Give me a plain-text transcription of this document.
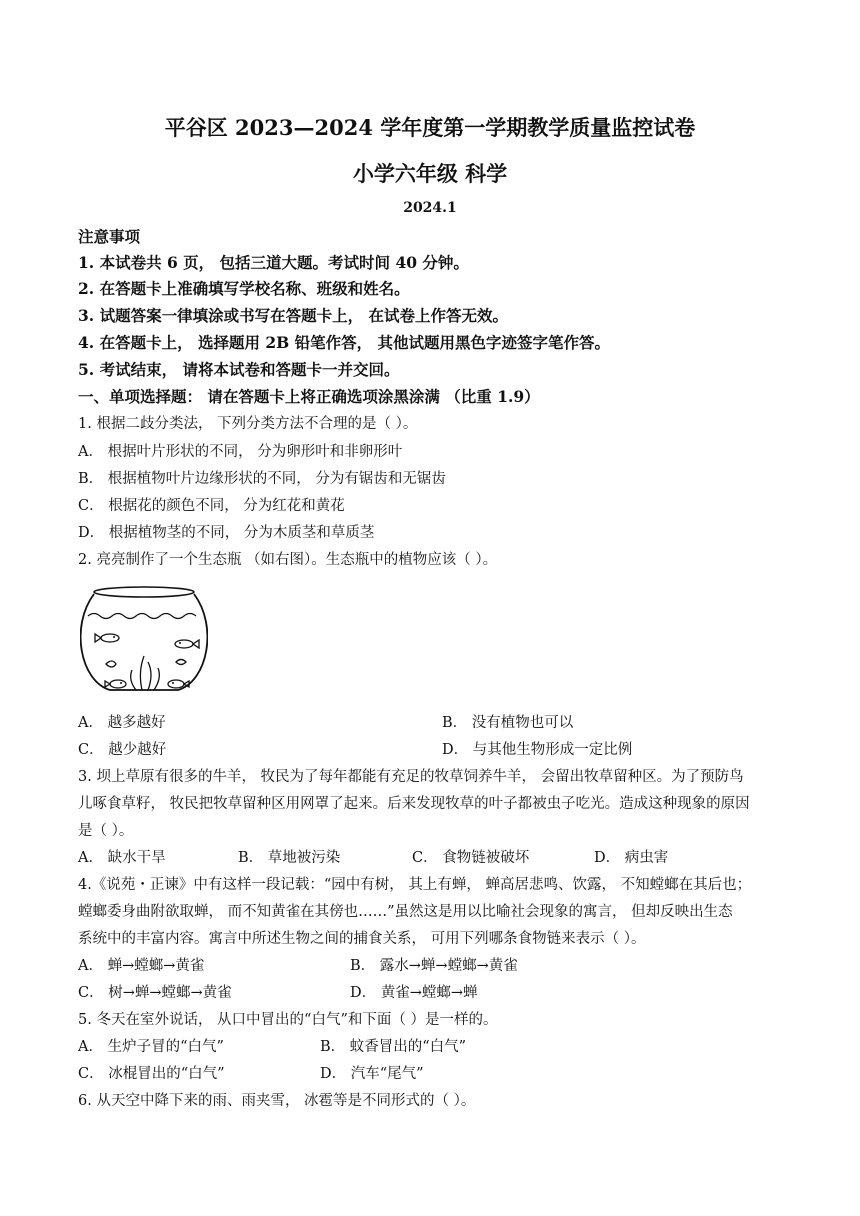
平谷区 2023—2024 学年度第一学期教学质量监控试卷
小学六年级 科学
2024.1
注意事项
1. 本试卷共 6 页， 包括三道大题。考试时间 40 分钟。
2. 在答题卡上准确填写学校名称、班级和姓名。
3. 试题答案一律填涂或书写在答题卡上， 在试卷上作答无效。
4. 在答题卡上， 选择题用 2B 铅笔作答， 其他试题用黑色字迹签字笔作答。
5. 考试结束， 请将本试卷和答题卡一并交回。
一、单项选择题： 请在答题卡上将正确选项涂黑涂满 （比重 1.9）
1. 根据二歧分类法， 下列分类方法不合理的是（ ）。
A． 根据叶片形状的不同， 分为卵形叶和非卵形叶
B． 根据植物叶片边缘形状的不同， 分为有锯齿和无锯齿
C． 根据花的颜色不同， 分为红花和黄花
D． 根据植物茎的不同， 分为木质茎和草质茎
2. 亮亮制作了一个生态瓶 （如右图）。生态瓶中的植物应该（ ）。
A． 越多越好	B． 没有植物也可以
C． 越少越好	D． 与其他生物形成一定比例
3. 坝上草原有很多的牛羊， 牧民为了每年都能有充足的牧草饲养牛羊， 会留出牧草留种区。为了预防鸟
儿啄食草籽， 牧民把牧草留种区用网罩了起来。后来发现牧草的叶子都被虫子吃光。造成这种现象的原因
是（ ）。
A． 缺水干旱	B． 草地被污染	C． 食物链被破坏	D． 病虫害
4.《说苑・正谏》中有这样一段记载：“园中有树， 其上有蝉， 蝉高居悲鸣、饮露， 不知螳螂在其后也；
螳螂委身曲附欲取蝉， 而不知黄雀在其傍也……”虽然这是用以比喻社会现象的寓言， 但却反映出生态
系统中的丰富内容。寓言中所述生物之间的捕食关系， 可用下列哪条食物链来表示（ ）。
A． 蝉→螳螂→黄雀	B． 露水→蝉→螳螂→黄雀
C． 树→蝉→螳螂→黄雀	D． 黄雀→螳螂→蝉
5. 冬天在室外说话， 从口中冒出的“白气”和下面（ ）是一样的。
A． 生炉子冒的“白气”	B． 蚊香冒出的“白气”
C． 冰棍冒出的“白气”	D． 汽车“尾气”
6. 从天空中降下来的雨、雨夹雪， 冰雹等是不同形式的（ ）。
